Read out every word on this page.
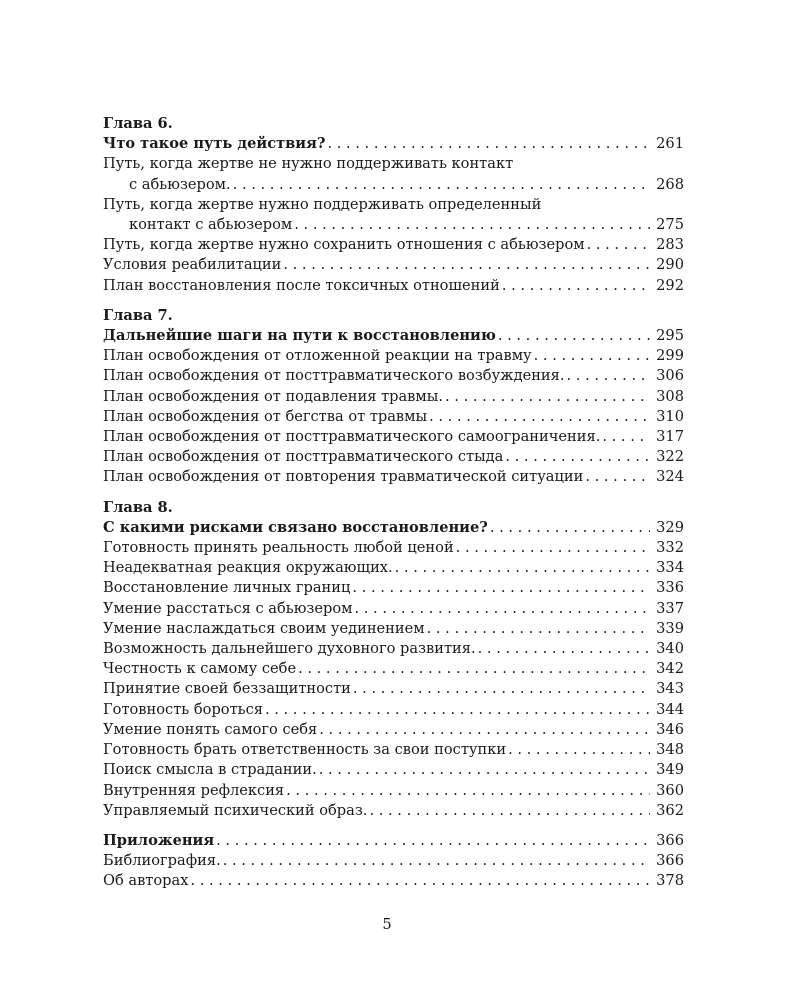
Глава 6.
Что такое путь действия? . . .	261
Путь, когда жертве не нужно поддерживать контакт
с абьюзером. . . .	268
Путь, когда жертве нужно поддерживать определенный
контакт с абьюзером . . .	275
Путь, когда жертве нужно сохранить отношения с абьюзером . . .	283
Условия реабилитации . . .	290
План восстановления после токсичных отношений . . .	292
Глава 7.
Дальнейшие шаги на пути к восстановлению . . .	295
План освобождения от отложенной реакции на травму . . .	299
План освобождения от посттравматического возбуждения. . . .	306
План освобождения от подавления травмы. . . .	308
План освобождения от бегства от травмы . . .	310
План освобождения от посттравматического самоограничения. . . .	317
План освобождения от посттравматического стыда . . .	322
План освобождения от повторения травматической ситуации . . .	324
Глава 8.
С какими рисками связано восстановление? . . .	329
Готовность принять реальность любой ценой . . .	332
Неадекватная реакция окружающих. . . .	334
Восстановление личных границ . . .	336
Умение расстаться с абьюзером . . .	337
Умение наслаждаться своим уединением . . .	339
Возможность дальнейшего духовного развития. . . .	340
Честность к самому себе . . .	342
Принятие своей беззащитности . . .	343
Готовность бороться . . .	344
Умение понять самого себя . . .	346
Готовность брать ответственность за свои поступки . . .	348
Поиск смысла в страдании. . . .	349
Внутренняя рефлексия . . .	360
Управляемый психический образ. . . .	362
Приложения . . .	366
Библиография. . . .	366
Об авторах . . .	378
5
